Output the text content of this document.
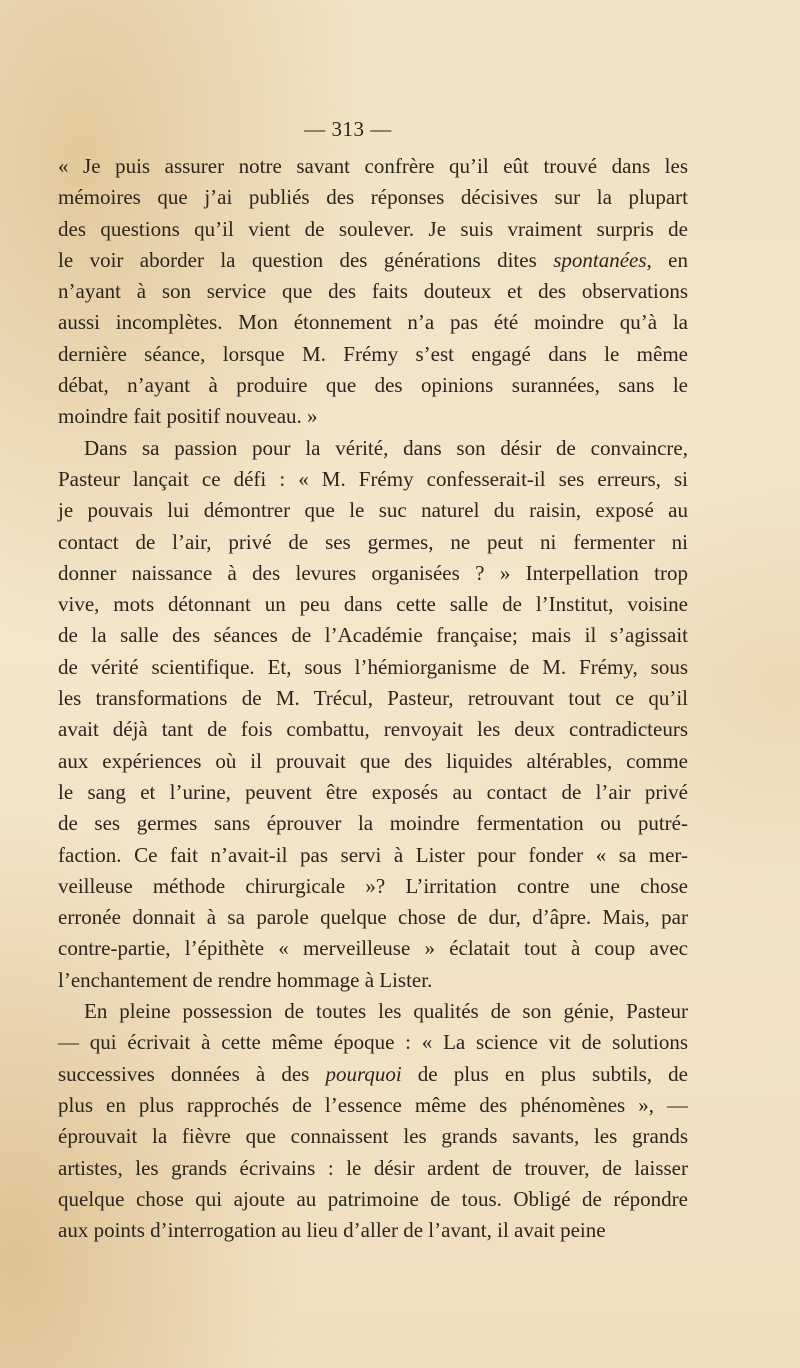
— 313 —

« Je puis assurer notre savant confrère qu’il eût trouvé dans les
mémoires que j’ai publiés des réponses décisives sur la plupart
des questions qu’il vient de soulever. Je suis vraiment surpris de
le voir aborder la question des générations dites spontanées, en
n’ayant à son service que des faits douteux et des observations
aussi incomplètes. Mon étonnement n’a pas été moindre qu’à la
dernière séance, lorsque M. Frémy s’est engagé dans le même
débat, n’ayant à produire que des opinions surannées, sans le
moindre fait positif nouveau. »

Dans sa passion pour la vérité, dans son désir de convaincre,
Pasteur lançait ce défi : « M. Frémy confesserait-il ses erreurs, si
je pouvais lui démontrer que le suc naturel du raisin, exposé au
contact de l’air, privé de ses germes, ne peut ni fermenter ni
donner naissance à des levures organisées ? » Interpellation trop
vive, mots détonnant un peu dans cette salle de l’Institut, voisine
de la salle des séances de l’Académie française; mais il s’agissait
de vérité scientifique. Et, sous l’hémiorganisme de M. Frémy, sous
les transformations de M. Trécul, Pasteur, retrouvant tout ce qu’il
avait déjà tant de fois combattu, renvoyait les deux contradicteurs
aux expériences où il prouvait que des liquides altérables, comme
le sang et l’urine, peuvent être exposés au contact de l’air privé
de ses germes sans éprouver la moindre fermentation ou putré-
faction. Ce fait n’avait-il pas servi à Lister pour fonder « sa mer-
veilleuse méthode chirurgicale »? L’irritation contre une chose
erronée donnait à sa parole quelque chose de dur, d’âpre. Mais, par
contre-partie, l’épithète « merveilleuse » éclatait tout à coup avec
l’enchantement de rendre hommage à Lister.

En pleine possession de toutes les qualités de son génie, Pasteur
— qui écrivait à cette même époque : « La science vit de solutions
successives données à des pourquoi de plus en plus subtils, de
plus en plus rapprochés de l’essence même des phénomènes », —
éprouvait la fièvre que connaissent les grands savants, les grands
artistes, les grands écrivains : le désir ardent de trouver, de laisser
quelque chose qui ajoute au patrimoine de tous. Obligé de répondre
aux points d’interrogation au lieu d’aller de l’avant, il avait peine
